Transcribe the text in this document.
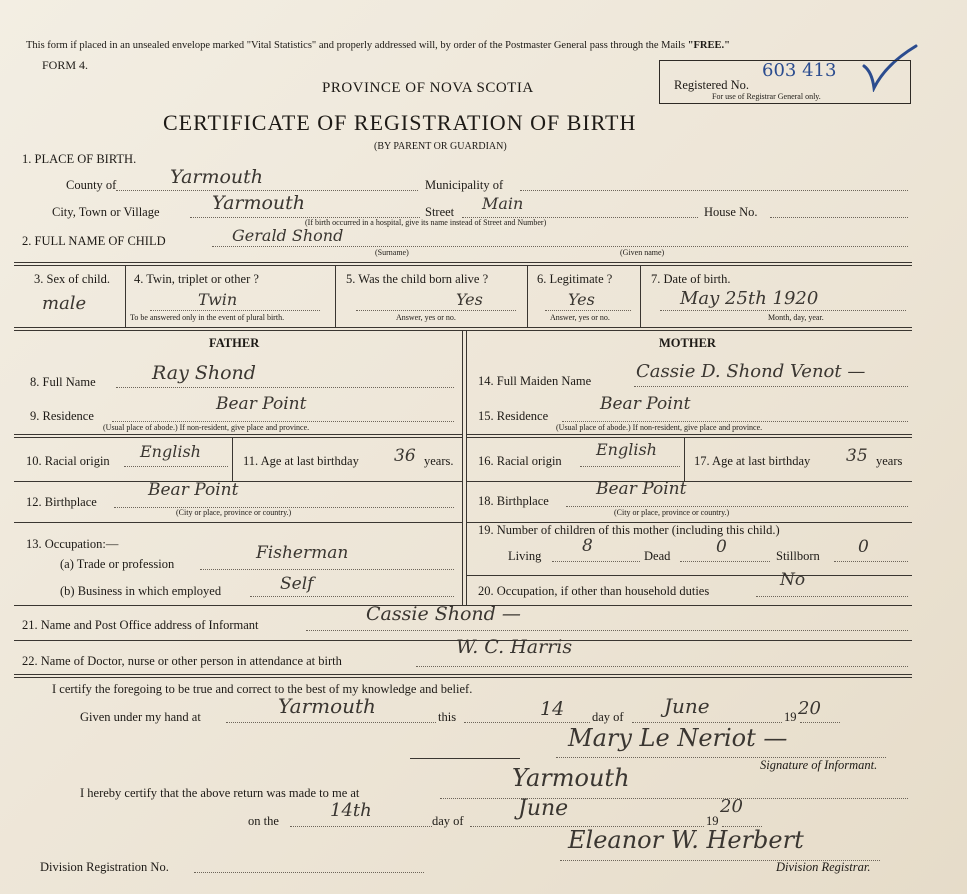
This form if placed in an unsealed envelope marked "Vital Statistics" and properly addressed will, by order of the Postmaster General pass through the Mails "FREE."
FORM 4.
Registered No.
603 413
For use of Registrar General only.
PROVINCE OF NOVA SCOTIA
CERTIFICATE OF REGISTRATION OF BIRTH
(BY PARENT OR GUARDIAN)
1. PLACE OF BIRTH.
County of	Yarmouth	Municipality of
City, Town or Village	Yarmouth	Street Main	House No.
(If birth occurred in a hospital, give its name instead of Street and Number)
2. FULL NAME OF CHILD	Gerald Shond
(Surname)	(Given name)
3. Sex of child.
male
4. Twin, triplet or other ?
Twin
To be answered only in the event of plural birth.
5. Was the child born alive ?
Yes
Answer, yes or no.
6. Legitimate ?
Yes
Answer, yes or no.
7. Date of birth.
May 25th 1920
Month, day, year.
FATHER	MOTHER
8. Full Name	Ray Shond
9. Residence
Bear Point
(Usual place of abode.) If non-resident, give place and province.
10. Racial origin English	11. Age at last birthday 36 years.
12. Birthplace
Bear Point
(City or place, province or country.)
13. Occupation:—
(a) Trade or profession
Fisherman
(b) Business in which employed	Self
14. Full Maiden Name Cassie D. Shond Venot —
15. Residence
Bear Point
(Usual place of abode.) If non-resident, give place and province.
16. Racial origin
English
17. Age at last birthday 35 years
18. Birthplace
Bear Point
(City or place, province or country.)
19. Number of children of this mother (including this child.)
Living 8	Dead	0	Stillborn 0
20. Occupation, if other than household duties
No
21. Name and Post Office address of Informant	Cassie Shond —
22. Name of Doctor, nurse or other person in attendance at birth
W. C. Harris
I certify the foregoing to be true and correct to the best of my knowledge and belief.
Given under my hand at	Yarmouth	this	14 day of June	19 20
Mary Le Neriot —
Signature of Informant.
I hereby certify that the above return was made to me at
Yarmouth
on the	14th	day of June	19
20
Eleanor W. Herbert
Division Registration No.	Division Registrar.
